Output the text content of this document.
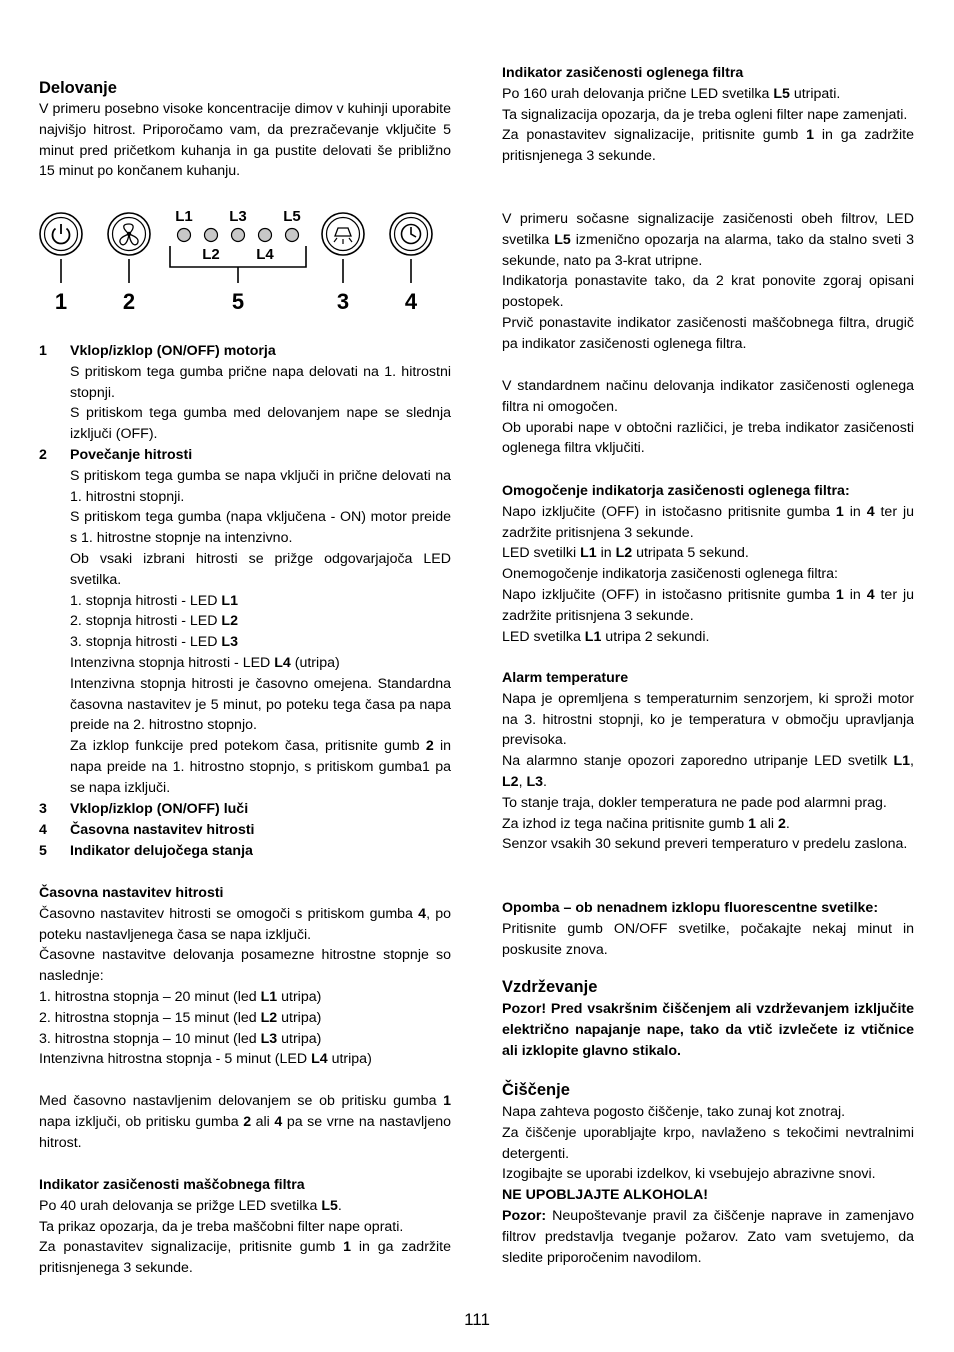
Delovanje

V primeru posebno visoke koncentracije dimov v kuhinji uporabite najvišjo hitrost. Priporočamo vam, da prezračevanje vključite 5 minut pred pričetkom kuhanja in ga pustite delovati še približno 15 minut po končanem kuhanju.

L1 L3 L5
L2 L4
1	2	5	3	4
1	Vklop/izklop (ON/OFF) motorja

S pritiskom tega gumba prične napa delovati na 1. hitrostni stopnji.

S pritiskom tega gumba med delovanjem nape se slednja izključi (OFF).

2	Povečanje hitrosti

S pritiskom tega gumba se napa vključi in prične delovati na 1. hitrostni stopnji.

S pritiskom tega gumba (napa vključena - ON) motor preide s 1. hitrostne stopnje na intenzivno.

Ob vsaki izbrani hitrosti se prižge odgovarjajoča LED svetilka.

1. stopnja hitrosti - LED L1

2. stopnja hitrosti - LED L2

3. stopnja hitrosti - LED L3

Intenzivna stopnja hitrosti - LED L4 (utripa)

Intenzivna stopnja hitrosti je časovno omejena. Standardna časovna nastavitev je 5 minut, po poteku tega časa pa napa preide na 2. hitrostno stopnjo.

Za izklop funkcije pred potekom časa, pritisnite gumb 2 in napa preide na 1. hitrostno stopnjo, s pritiskom gumba1 pa se napa izključi.

3	Vklop/izklop (ON/OFF) luči
4	Časovna nastavitev hitrosti
5	Indikator delujočega stanja
Časovna nastavitev hitrosti

Časovno nastavitev hitrosti se omogoči s pritiskom gumba 4, po poteku nastavljenega časa se napa izključi.

Časovne nastavitve delovanja posamezne hitrostne stopnje so naslednje:

1. hitrostna stopnja – 20 minut (led L1 utripa)

2. hitrostna stopnja – 15 minut (led L2 utripa)

3. hitrostna stopnja – 10 minut (led L3 utripa)

Intenzivna hitrostna stopnja - 5 minut (LED L4 utripa)

Med časovno nastavljenim delovanjem se ob pritisku gumba 1 napa izključi, ob pritisku gumba 2 ali 4 pa se vrne na nastavljeno hitrost.

Indikator zasičenosti maščobnega filtra

Po 40 urah delovanja se prižge LED svetilka L5.

Ta prikaz opozarja, da je treba maščobni filter nape oprati.

Za ponastavitev signalizacije, pritisnite gumb 1 in ga zadržite pritisnjenega 3 sekunde.

Indikator zasičenosti oglenega filtra

Po 160 urah delovanja prične LED svetilka L5 utripati.

Ta signalizacija opozarja, da je treba ogleni filter nape zamenjati.

Za ponastavitev signalizacije, pritisnite gumb 1 in ga zadržite pritisnjenega 3 sekunde.

V primeru sočasne signalizacije zasičenosti obeh filtrov, LED svetilka L5 izmenično opozarja na alarma, tako da stalno sveti 3 sekunde, nato pa 3-krat utripne.

Indikatorja ponastavite tako, da 2 krat ponovite zgoraj opisani postopek.

Prvič ponastavite indikator zasičenosti maščobnega filtra, drugič pa indikator zasičenosti oglenega filtra.

V standardnem načinu delovanja indikator zasičenosti oglenega filtra ni omogočen.

Ob uporabi nape v obtočni različici, je treba indikator zasičenosti oglenega filtra vključiti.

Omogočenje indikatorja zasičenosti oglenega filtra:

Napo izključite (OFF) in istočasno pritisnite gumba 1 in 4 ter ju zadržite pritisnjena 3 sekunde.

LED svetilki L1 in L2 utripata 5 sekund.

Onemogočenje indikatorja zasičenosti oglenega filtra:

Napo izključite (OFF) in istočasno pritisnite gumba 1 in 4 ter ju zadržite pritisnjena 3 sekunde.

LED svetilka L1 utripa 2 sekundi.

Alarm temperature

Napa je opremljena s temperaturnim senzorjem, ki sproži motor na 3. hitrostni stopnji, ko je temperatura v območju upravljanja previsoka.

Na alarmno stanje opozori zaporedno utripanje LED svetilk L1, L2, L3.

To stanje traja, dokler temperatura ne pade pod alarmni prag.

Za izhod iz tega načina pritisnite gumb 1 ali 2.

Senzor vsakih 30 sekund preveri temperaturo v predelu zaslona.

Opomba – ob nenadnem izklopu fluorescentne svetilke:

Pritisnite gumb ON/OFF svetilke, počakajte nekaj minut in poskusite znova.

Vzdrževanje

Pozor! Pred vsakršnim čiščenjem ali vzdrževanjem izključite električno napajanje nape, tako da vtič izvlečete iz vtičnice ali izklopite glavno stikalo.

Čiščenje

Napa zahteva pogosto čiščenje, tako zunaj kot znotraj.

Za čiščenje uporabljajte krpo, navlaženo s tekočimi nevtralnimi detergenti.

Izogibajte se uporabi izdelkov, ki vsebujejo abrazivne snovi.

NE UPOBLJAJTE ALKOHOLA!

Pozor: Neupoštevanje pravil za čiščenje naprave in zamenjavo filtrov predstavlja tveganje požarov. Zato vam svetujemo, da sledite priporočenim navodilom.

111
